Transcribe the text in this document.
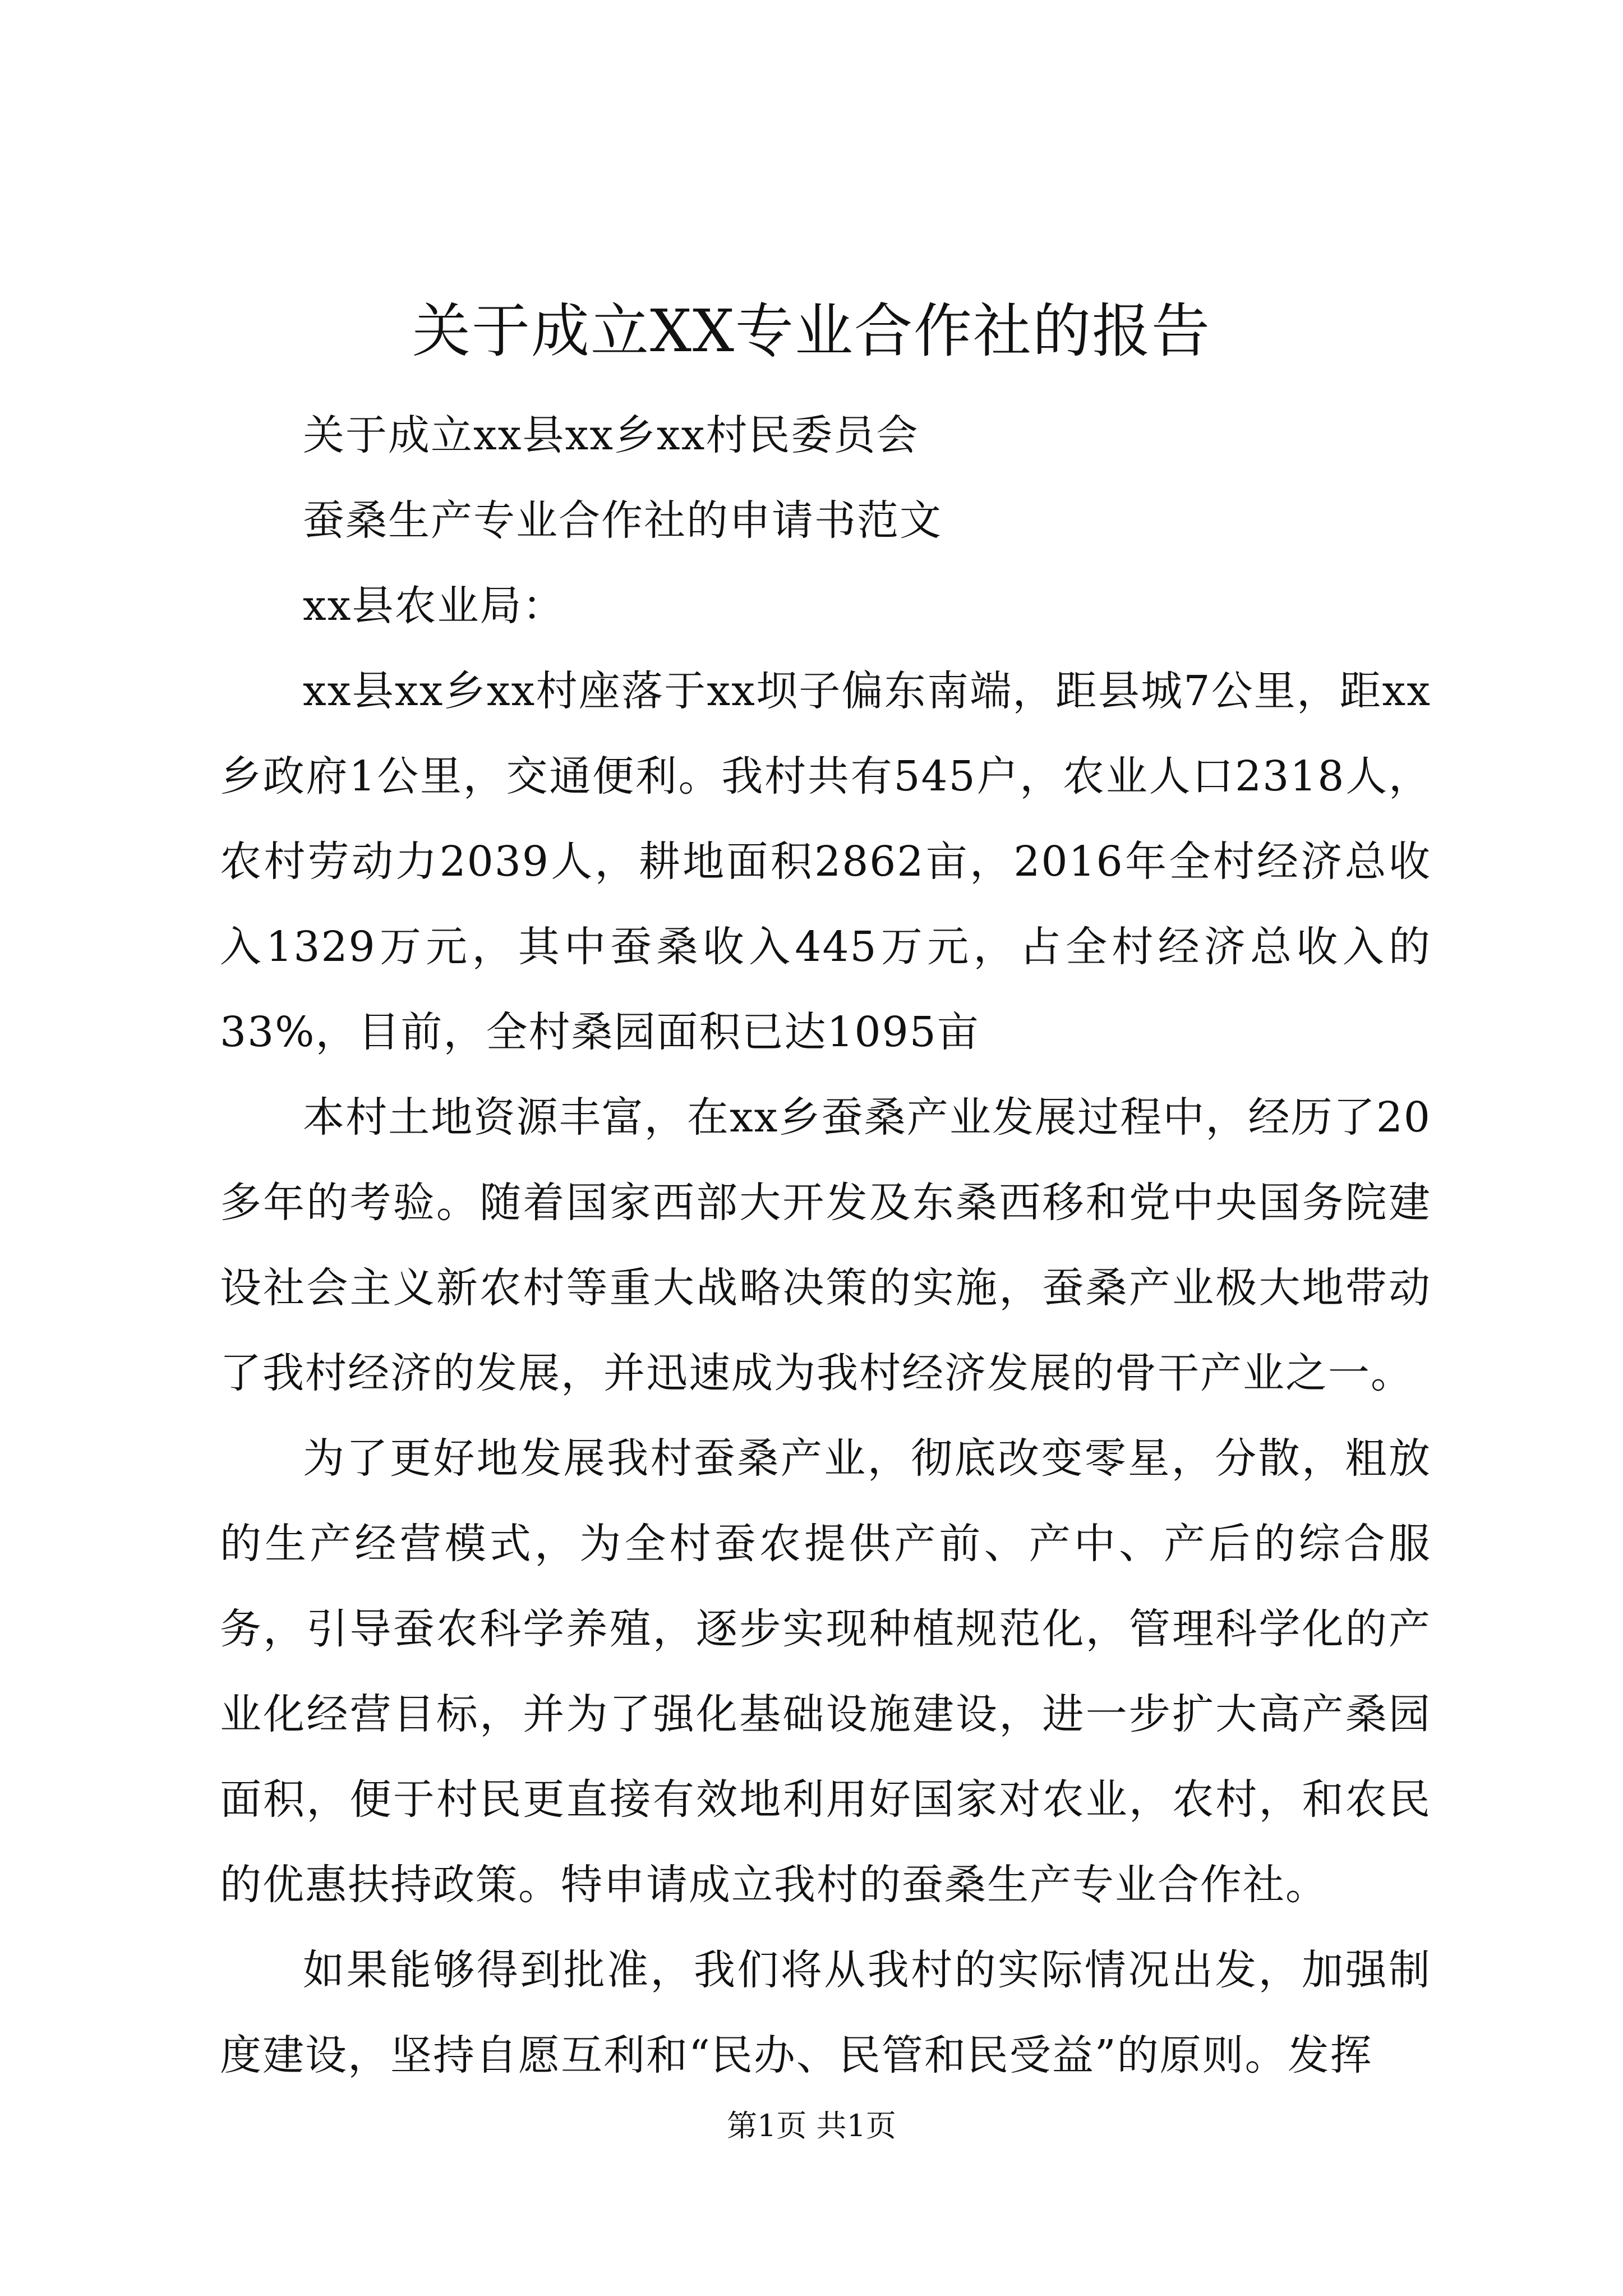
关于成立XX专业合作社的报告

关于成立xx县xx乡xx村民委员会

蚕桑生产专业合作社的申请书范文

xx县农业局：

xx县xx乡xx村座落于xx坝子偏东南端，距县城7公里，距xx乡政府1公里，交通便利。我村共有545户，农业人口2318人，农村劳动力2039人，耕地面积2862亩，2016年全村经济总收入1329万元，其中蚕桑收入445万元，占全村经济总收入的33%，目前，全村桑园面积已达1095亩

本村土地资源丰富，在xx乡蚕桑产业发展过程中，经历了20多年的考验。随着国家西部大开发及东桑西移和党中央国务院建设社会主义新农村等重大战略决策的实施，蚕桑产业极大地带动了我村经济的发展，并迅速成为我村经济发展的骨干产业之一。

为了更好地发展我村蚕桑产业，彻底改变零星，分散，粗放的生产经营模式，为全村蚕农提供产前、产中、产后的综合服务，引导蚕农科学养殖，逐步实现种植规范化，管理科学化的产业化经营目标，并为了强化基础设施建设，进一步扩大高产桑园面积，便于村民更直接有效地利用好国家对农业，农村，和农民的优惠扶持政策。特申请成立我村的蚕桑生产专业合作社。

如果能够得到批准，我们将从我村的实际情况出发，加强制度建设，坚持自愿互利和“民办、民管和民受益”的原则。发挥

第1页 共1页
